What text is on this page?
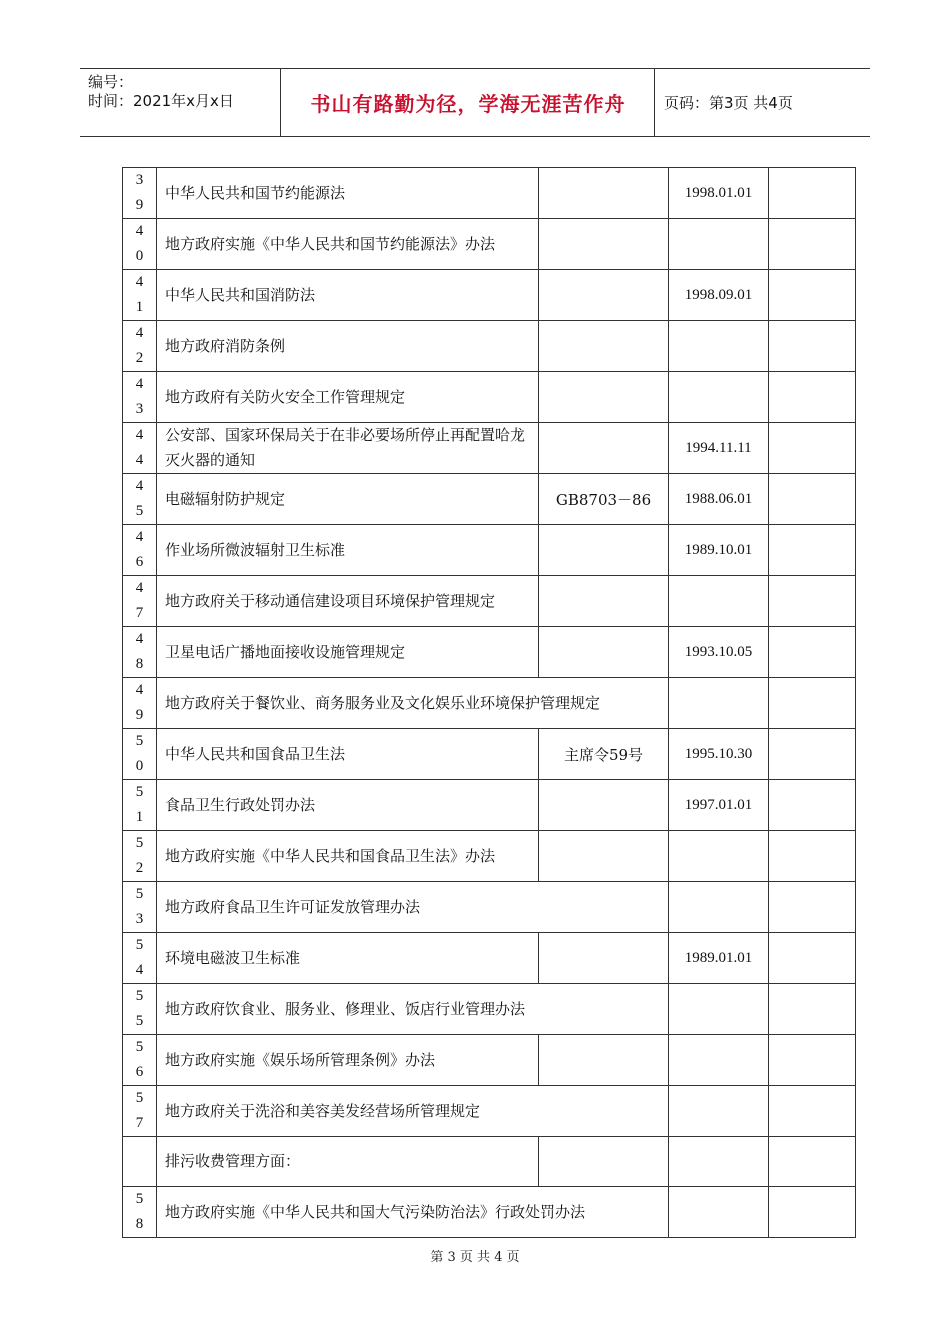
编号：
时间：2021年x月x日	书山有路勤为径，学海无涯苦作舟	页码：第3页 共4页
3
9	中华人民共和国节约能源法		1998.01.01	

4
0	地方政府实施《中华人民共和国节约能源法》办法			

4
1	中华人民共和国消防法		1998.09.01	

4
2	地方政府消防条例			

4
3	地方政府有关防火安全工作管理规定			

4
4	公安部、国家环保局关于在非必要场所停止再配置哈龙灭火器的通知		1994.11.11	

4
5	电磁辐射防护规定	GB8703－86	1988.06.01	

4
6	作业场所微波辐射卫生标准		1989.10.01	

4
7	地方政府关于移动通信建设项目环境保护管理规定			

4
8	卫星电话广播地面接收设施管理规定		1993.10.05	

4
9	地方政府关于餐饮业、商务服务业及文化娱乐业环境保护管理规定			

5
0	中华人民共和国食品卫生法	主席令59号	1995.10.30	

5
1	食品卫生行政处罚办法		1997.01.01	

5
2	地方政府实施《中华人民共和国食品卫生法》办法			

5
3	地方政府食品卫生许可证发放管理办法			

5
4	环境电磁波卫生标准		1989.01.01	

5
5	地方政府饮食业、服务业、修理业、饭店行业管理办法			

5
6	地方政府实施《娱乐场所管理条例》办法			

5
7	地方政府关于洗浴和美容美发经营场所管理规定			
	排污收费管理方面：			

5
8	地方政府实施《中华人民共和国大气污染防治法》行政处罚办法			
第 3 页 共 4 页
